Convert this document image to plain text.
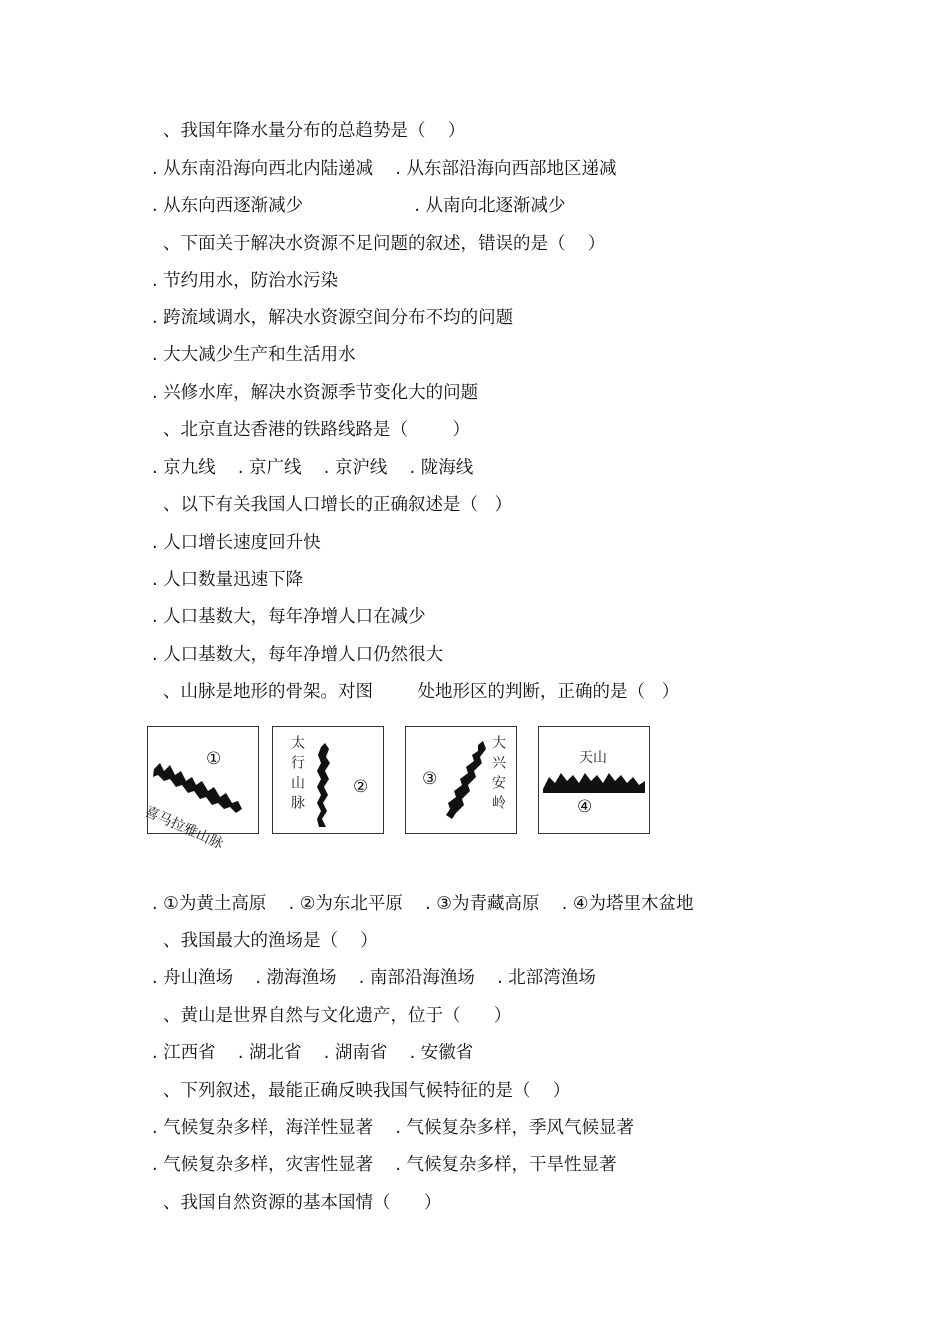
、我国年降水量分布的总趋势是（    ）
. 从东南沿海向西北内陆递减    . 从东部沿海向西部地区递减
. 从东向西逐渐减少                    . 从南向北逐渐减少
、下面关于解决水资源不足问题的叙述，错误的是（    ）
. 节约用水，防治水污染
. 跨流域调水，解决水资源空间分布不均的问题
. 大大减少生产和生活用水
. 兴修水库，解决水资源季节变化大的问题
、北京直达香港的铁路线路是（        ）
. 京九线    . 京广线    . 京沪线    . 陇海线
、以下有关我国人口增长的正确叙述是（   ）
. 人口增长速度回升快
. 人口数量迅速下降
. 人口基数大，每年净增人口在减少
. 人口基数大，每年净增人口仍然很大
、山脉是地形的骨架。对图        处地形区的判断，正确的是（   ）
①
喜马拉雅山脉
太行山脉	②	③	大兴安岭	天山
④
. ①为黄土高原    . ②为东北平原    . ③为青藏高原    . ④为塔里木盆地
、我国最大的渔场是（    ）
. 舟山渔场    . 渤海渔场    . 南部沿海渔场    . 北部湾渔场
、黄山是世界自然与文化遗产，位于（      ）
. 江西省    . 湖北省    . 湖南省    . 安徽省
、下列叙述，最能正确反映我国气候特征的是（    ）
. 气候复杂多样，海洋性显著    . 气候复杂多样，季风气候显著
. 气候复杂多样，灾害性显著    . 气候复杂多样，干旱性显著
、我国自然资源的基本国情（      ）
